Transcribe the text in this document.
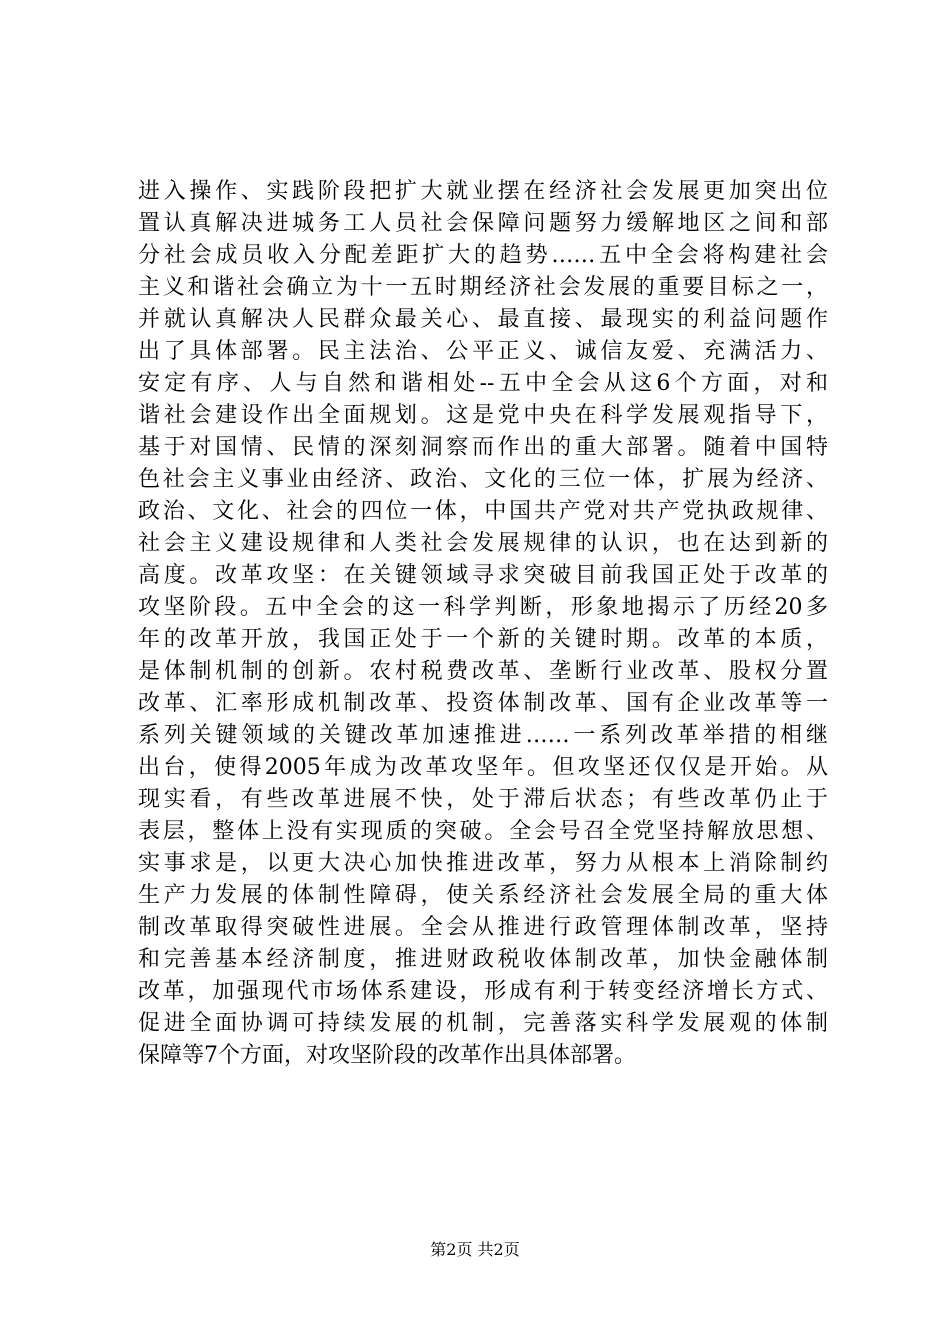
进入操作、实践阶段把扩大就业摆在经济社会发展更加突出位
置认真解决进城务工人员社会保障问题努力缓解地区之间和部
分社会成员收入分配差距扩大的趋势……五中全会将构建社会
主义和谐社会确立为十一五时期经济社会发展的重要目标之一，
并就认真解决人民群众最关心、最直接、最现实的利益问题作
出了具体部署。民主法治、公平正义、诚信友爱、充满活力、
安定有序、人与自然和谐相处--五中全会从这6个方面，对和
谐社会建设作出全面规划。这是党中央在科学发展观指导下，
基于对国情、民情的深刻洞察而作出的重大部署。随着中国特
色社会主义事业由经济、政治、文化的三位一体，扩展为经济、
政治、文化、社会的四位一体，中国共产党对共产党执政规律、
社会主义建设规律和人类社会发展规律的认识，也在达到新的
高度。改革攻坚：在关键领域寻求突破目前我国正处于改革的
攻坚阶段。五中全会的这一科学判断，形象地揭示了历经20多
年的改革开放，我国正处于一个新的关键时期。改革的本质，
是体制机制的创新。农村税费改革、垄断行业改革、股权分置
改革、汇率形成机制改革、投资体制改革、国有企业改革等一
系列关键领域的关键改革加速推进……一系列改革举措的相继
出台，使得2005年成为改革攻坚年。但攻坚还仅仅是开始。从
现实看，有些改革进展不快，处于滞后状态；有些改革仍止于
表层，整体上没有实现质的突破。全会号召全党坚持解放思想、
实事求是，以更大决心加快推进改革，努力从根本上消除制约
生产力发展的体制性障碍，使关系经济社会发展全局的重大体
制改革取得突破性进展。全会从推进行政管理体制改革，坚持
和完善基本经济制度，推进财政税收体制改革，加快金融体制
改革，加强现代市场体系建设，形成有利于转变经济增长方式、
促进全面协调可持续发展的机制，完善落实科学发展观的体制
保障等7个方面，对攻坚阶段的改革作出具体部署。
第2页 共2页
